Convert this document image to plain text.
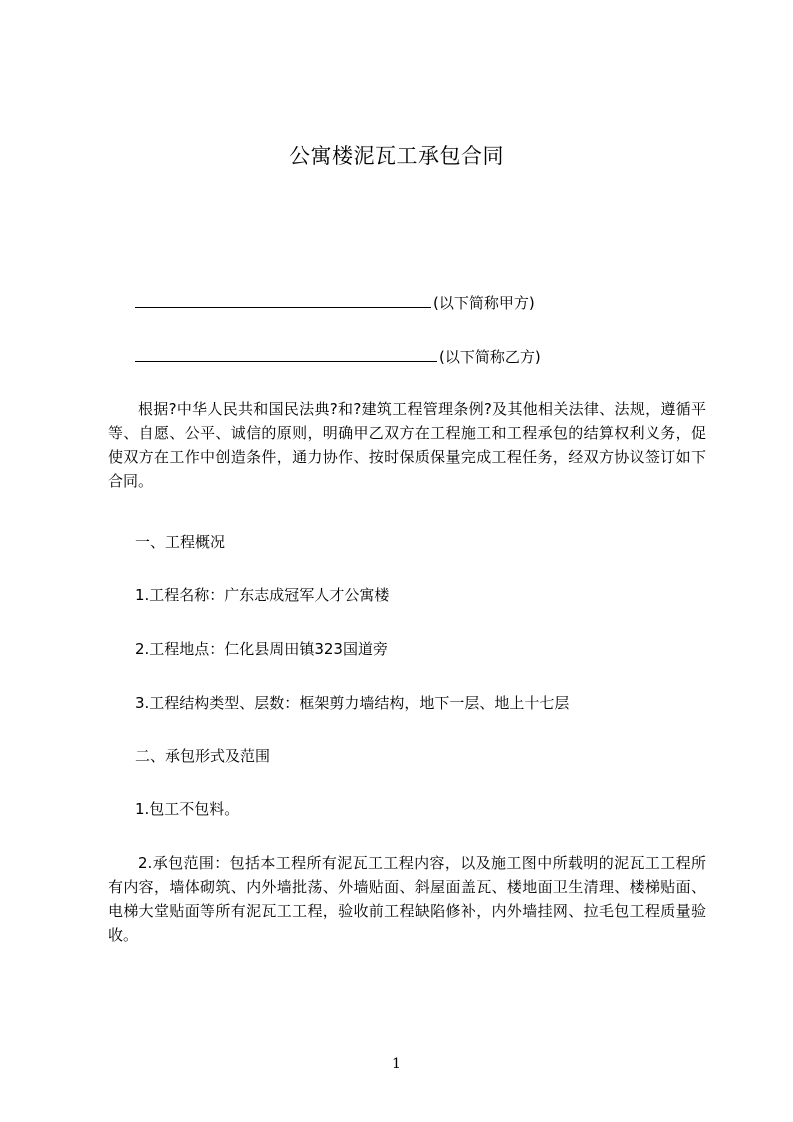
公寓楼泥瓦工承包合同
(以下简称甲方)
(以下简称乙方)
根据?中华人民共和国民法典?和?建筑工程管理条例?及其他相关法律、法规，遵循平等、自愿、公平、诚信的原则，明确甲乙双方在工程施工和工程承包的结算权利义务，促使双方在工作中创造条件，通力协作、按时保质保量完成工程任务，经双方协议签订如下合同。
一、工程概况
1.工程名称：广东志成冠军人才公寓楼
2.工程地点：仁化县周田镇323国道旁
3.工程结构类型、层数：框架剪力墙结构，地下一层、地上十七层
二、承包形式及范围
1.包工不包料。
2.承包范围：包括本工程所有泥瓦工工程内容，以及施工图中所载明的泥瓦工工程所有内容，墙体砌筑、内外墙批荡、外墙贴面、斜屋面盖瓦、楼地面卫生清理、楼梯贴面、电梯大堂贴面等所有泥瓦工工程，验收前工程缺陷修补，内外墙挂网、拉毛包工程质量验收。
1
